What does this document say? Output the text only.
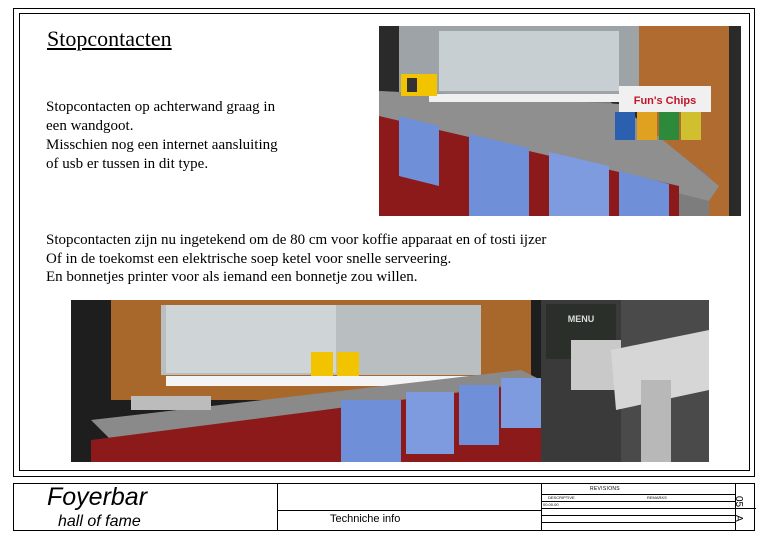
Stopcontacten
Stopcontacten op achterwand graag in
een wandgoot.
Misschien nog een internet aansluiting
of usb er tussen in dit type.
Fun's Chips
Stopcontacten zijn nu ingetekend om de 80 cm voor koffie apparaat en of tosti ijzer
Of in de toekomst een elektrische soep ketel voor snelle serveering.
En bonnetjes printer voor als iemand een bonnetje zou willen.
MENU
Foyerbar
hall of fame	Techniche info
REVISIONS
DESCRIPTIVE	REMARKS
00.00.00	05
A
